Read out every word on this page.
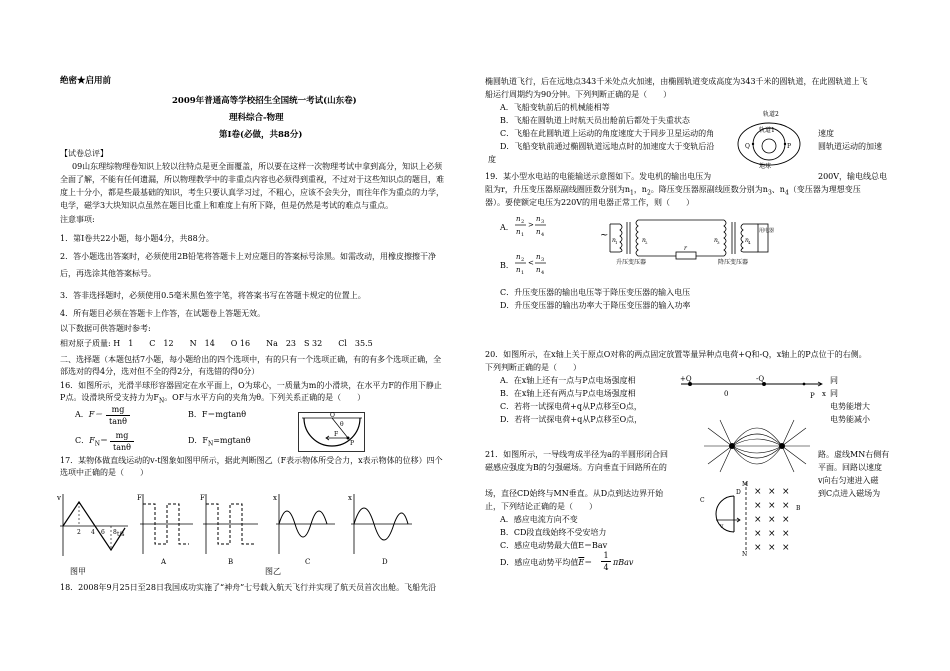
绝密★启用前
2009年普通高等学校招生全国统一考试(山东卷)
理科综合-物理
第Ⅰ卷(必做，共88分)
【试卷总评】
09山东理综物理卷知识上较以往特点是更全面覆盖，所以要在这样一次物理考试中拿到高分，知识上必须
全面了解，不能有任何遗漏，所以物理教学中的非重点内容也必须得到重视，不过对于这些知识点的题目，难
度上十分小，都是些最基础的知识，考生只要认真学习过，不粗心，应该不会失分，而往年作为重点的力学，
电学，磁学3大块知识点虽然在题目比重上和难度上有所下降，但是仍然是考试的难点与重点。
注意事项:
1．第Ⅰ卷共22小题，每小题4分，共88分。
2．答小题选出答案时，必须使用2B铅笔将答题卡上对应题目的答案标号涂黑。如需改动，用橡皮擦擦干净
后，再选涂其他答案标号。
3．答非选择题时，必须使用0.5毫米黑色签字笔，将答案书写在答题卡规定的位置上。
4．所有题目必须在答题卡上作答，在试题卷上答题无效。
以下数据可供答题时参考:
相对原子质量: H　1　　C　12　　N　14　　O 16　　Na　23　S 32　　Cl　35.5
二、选择题（本题包括7小题，每小题给出的四个选项中，有的只有一个选项正确，有的有多个选项正确，全
部选对的得4分，选对但不全的得2分，有选错的得0分）
16．如图所示，光滑半球形容器固定在水平面上，O为球心，一质量为m的小滑块，在水平力F的作用下静止
P点。设滑块所受支持力为$F_N$。OF与水平方向的夹角为θ。下列关系正确的是（　　）
A．F＝
mg
tanθ
B．F＝mgtanθ
C．$F_N=$
mg
tanθ
D．$F_N=mgtan\theta$
O
F
P
θ
17．某物体做直线运动的v-t图象如图甲所示，据此判断图乙（F表示物体所受合力，x表示物体的位移）四个
选项中正确的是（　　）
v
t/s
2 4 6 8
F
A
F
B
x
C
x
D
图甲	图乙
18．2008年9月25日至28日我国成功实施了“神舟”七号载入航天飞行并实现了航天员首次出舱。飞船先沿
椭圆轨道飞行，后在远地点343千米处点火加速，由椭圆轨道变成高度为343千米的圆轨道，在此圆轨道上飞
船运行周期约为90分钟。下列判断正确的是（　　）
A．飞船变轨前后的机械能相等
B．飞船在圆轨道上时航天员出舱前后都处于失重状态
C．飞船在此圆轨道上运动的角度速度大于同步卫星运动的角	速度
D．飞船变轨前通过椭圆轨道远地点时的加速度大于变轨后沿	圆轨道运动的加速
度
轨道2
轨道1
P
Q
地球
19．某小型水电站的电能输送示意图如下。发电机的输出电压为	200V，输电线总电
阻为r，升压变压器原副线圈匝数分别为$n_1$，$n_2$。降压变压器原副线匝数分别为$n_3$、$n_4$（变压器为理想变压
器）。要使额定电压为220V的用电器正常工作，则（　　）
A．
n 2
n 1
>
n 3
n 4
B．
n 2
n 1
<
n 3
n 4
~ n 1	n 2
r
n 3	n 4
用电器
升压变压器	降压变压器
C．升压变压器的输出电压等于降压变压器的输入电压
D．升压变压器的输出功率大于降压变压器的输入功率
20．如图所示，在x轴上关于原点O对称的两点固定放置等量异种点电荷+Q和-Q，x轴上的P点位于的右侧。
下列判断正确的是（　　）
A．在x轴上还有一点与P点电场强度相
B．在x轴上还有两点与P点电场强度相
C．若将一试探电荷+q从P点移至O点，
D．若将一试探电荷+q从P点移至O点，
同
同
电势能增大
电势能减小
+Q	-Q
0	P x
21．如图所示，一导线弯成半径为a的半圆形闭合回	路。虚线MN右侧有
磁感应强度为B的匀强磁场。方向垂直于回路所在的	平面。回路以速度
v向右匀速进入磁
场，直径CD始终与MN垂直。从D点到达边界开始	到C点进入磁场为
止，下列结论正确的是（　　）
A．感应电流方向不变
B．CD段直线始终不受安培力
C．感应电动势最大值E＝Bav
D．感应电动势平均值$\overline{E}=$
1
4
πBav
M
N
C
D
v
× × ×
× × ×
× × ×
× × ×
× × ×
B
